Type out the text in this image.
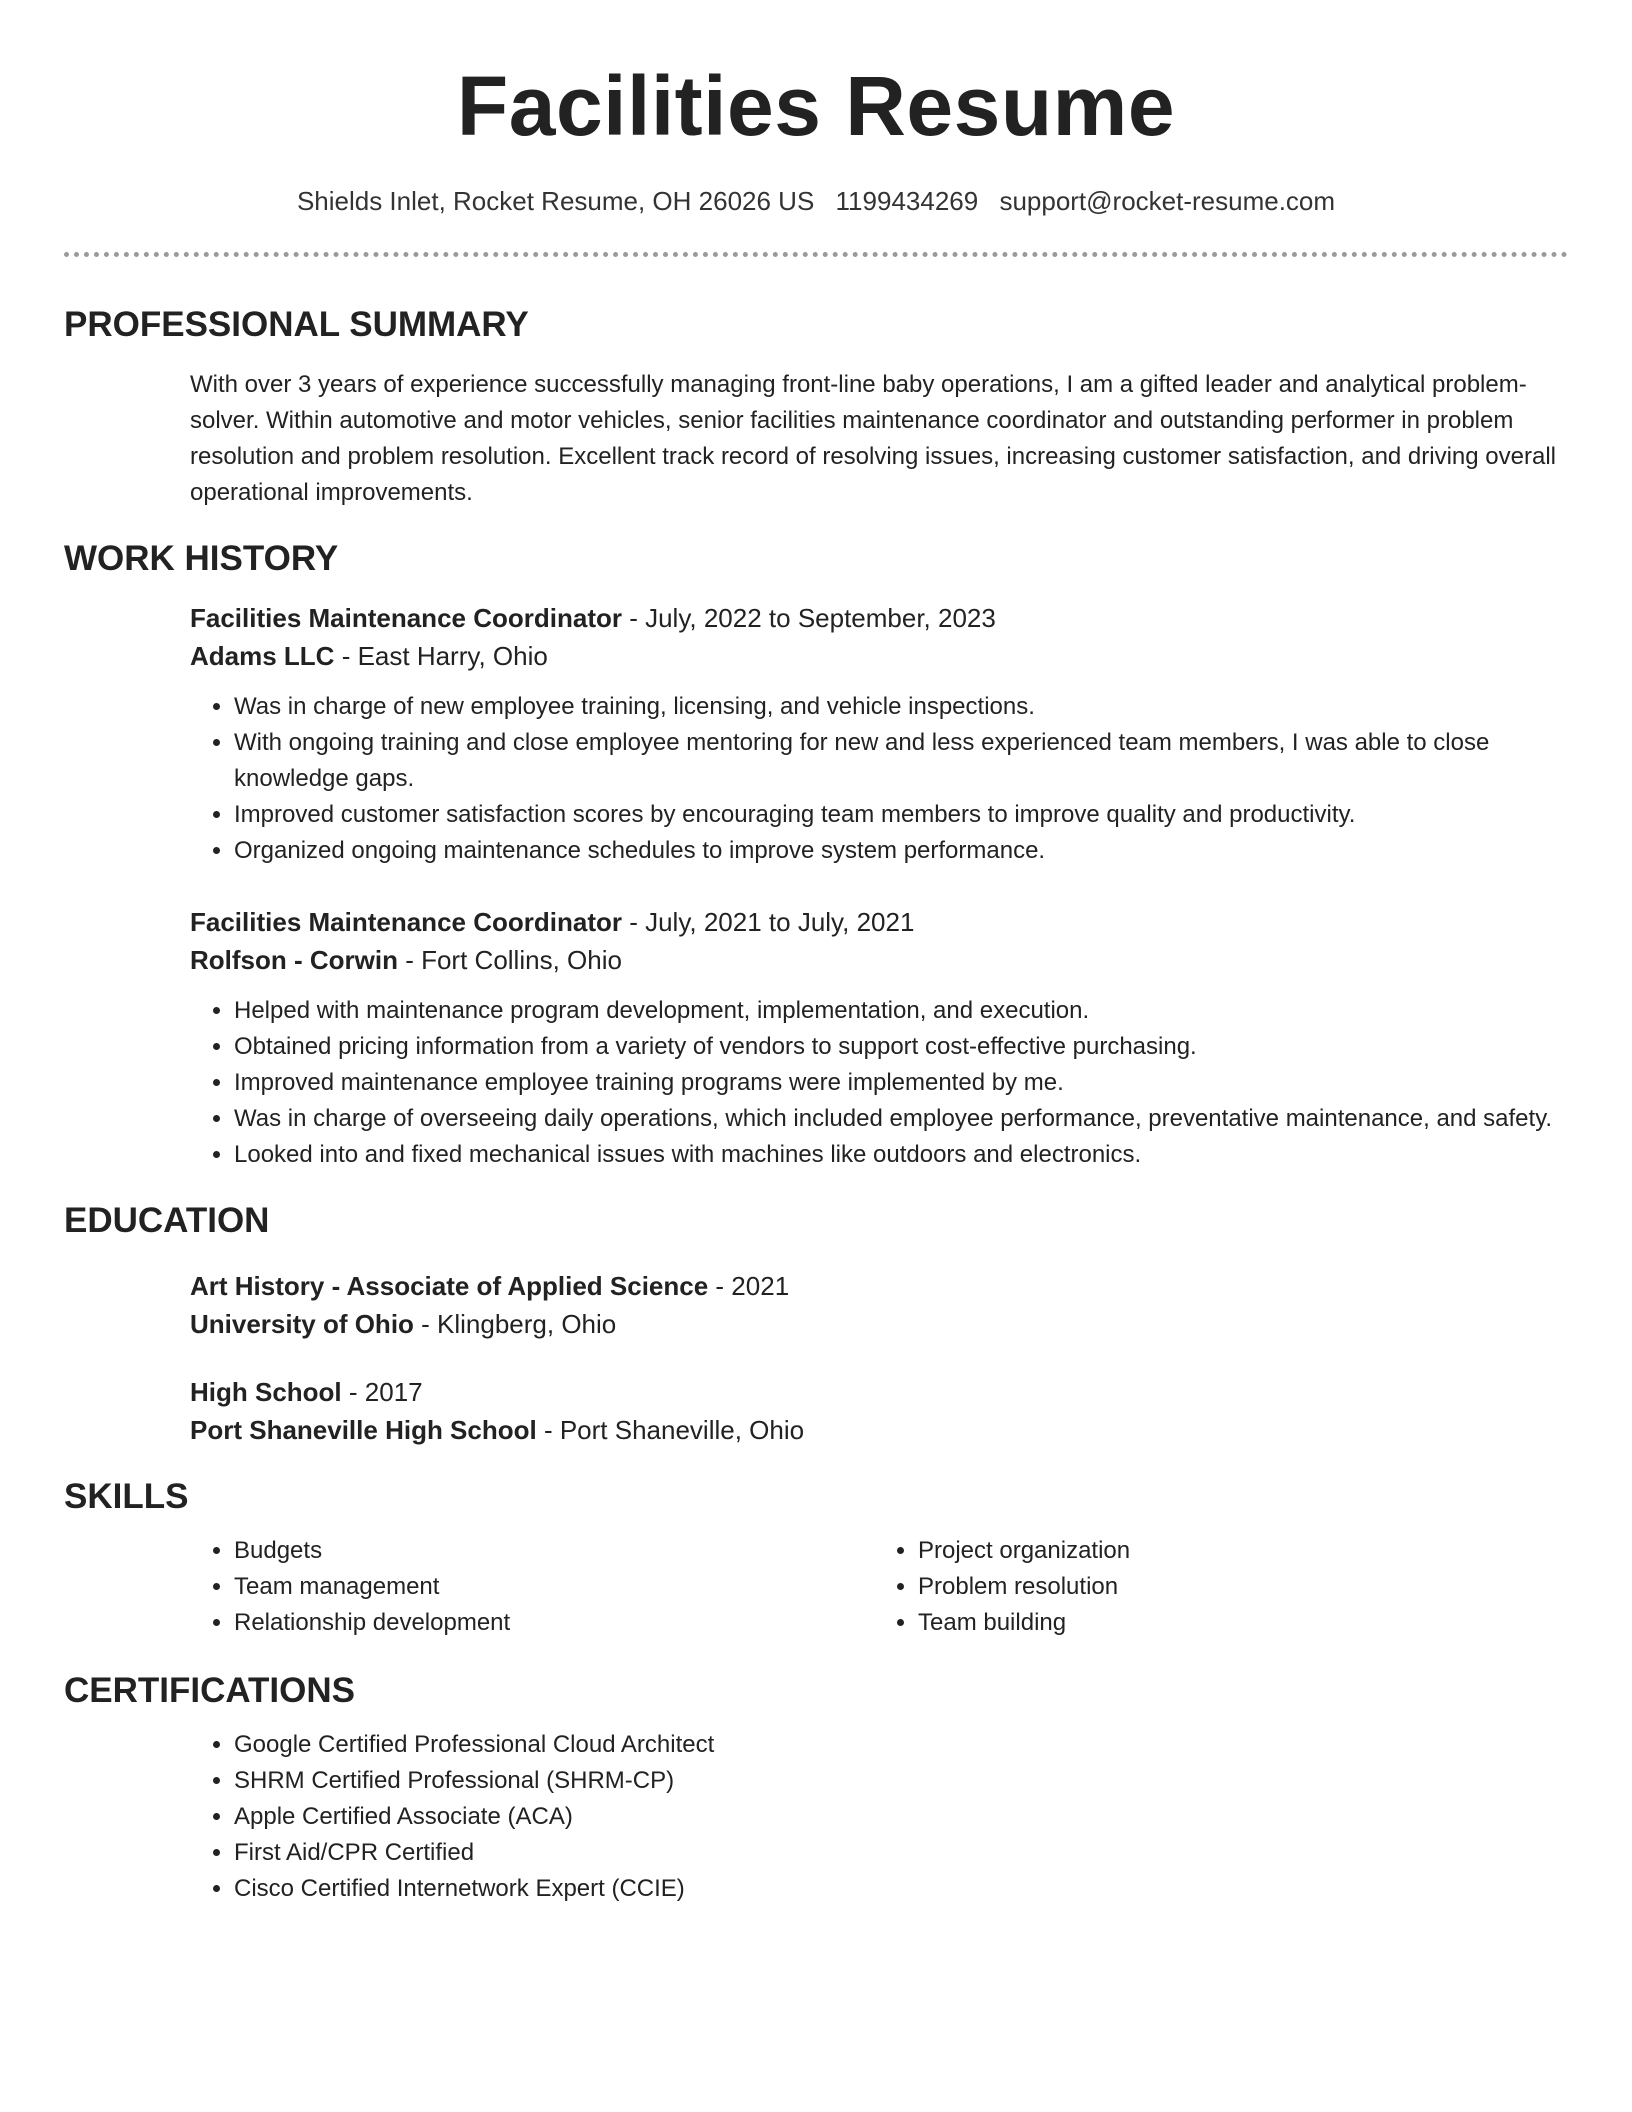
Facilities Resume
Shields Inlet, Rocket Resume, OH 26026 US 1199434269 support@rocket-resume.com
PROFESSIONAL SUMMARY
With over 3 years of experience successfully managing front-line baby operations, I am a gifted leader and analytical problem-solver. Within automotive and motor vehicles, senior facilities maintenance coordinator and outstanding performer in problem resolution and problem resolution. Excellent track record of resolving issues, increasing customer satisfaction, and driving overall operational improvements.
WORK HISTORY
Facilities Maintenance Coordinator - July, 2022 to September, 2023
Adams LLC - East Harry, Ohio
• Was in charge of new employee training, licensing, and vehicle inspections.
• With ongoing training and close employee mentoring for new and less experienced team members, I was able to close knowledge gaps.
• Improved customer satisfaction scores by encouraging team members to improve quality and productivity.
• Organized ongoing maintenance schedules to improve system performance.
Facilities Maintenance Coordinator - July, 2021 to July, 2021
Rolfson - Corwin - Fort Collins, Ohio
• Helped with maintenance program development, implementation, and execution.
• Obtained pricing information from a variety of vendors to support cost-effective purchasing.
• Improved maintenance employee training programs were implemented by me.
• Was in charge of overseeing daily operations, which included employee performance, preventative maintenance, and safety.
• Looked into and fixed mechanical issues with machines like outdoors and electronics.
EDUCATION
Art History - Associate of Applied Science - 2021
University of Ohio - Klingberg, Ohio
High School - 2017
Port Shaneville High School - Port Shaneville, Ohio
SKILLS
• Budgets
• Team management
• Relationship development
• Project organization
• Problem resolution
• Team building
CERTIFICATIONS
• Google Certified Professional Cloud Architect
• SHRM Certified Professional (SHRM-CP)
• Apple Certified Associate (ACA)
• First Aid/CPR Certified
• Cisco Certified Internetwork Expert (CCIE)
